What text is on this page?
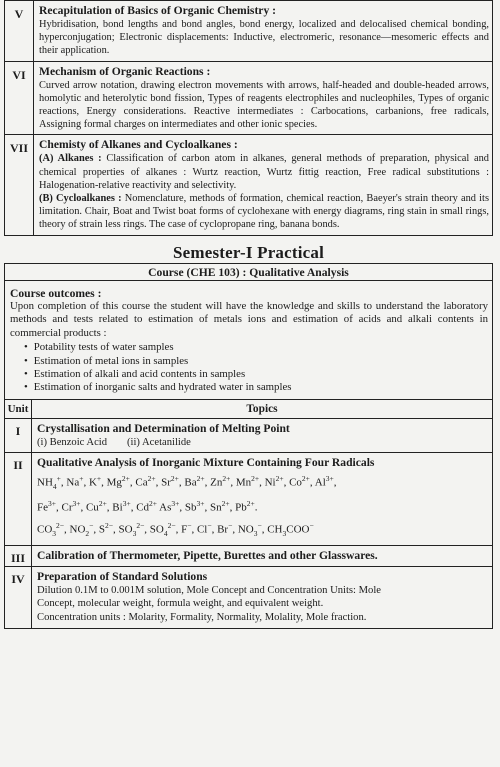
V	Recapitulation of Basics of Organic Chemistry :
Hybridisation, bond lengths and bond angles, bond energy, localized and delocalised chemical bonding, hyperconjugation; Electronic displacements: Inductive, electromeric, resonance—mesomeric effects and their application.

VI	Mechanism of Organic Reactions :
Curved arrow notation, drawing electron movements with arrows, half-headed and double-headed arrows, homolytic and heterolytic bond fission, Types of reagents electrophiles and nucleophiles, Types of organic reactions, Energy considerations. Reactive intermediates : Carbocations, carbanions, free radicals, Assigning formal charges on intermediates and other ionic species.

VII	Chemisty of Alkanes and Cycloalkanes :
(A) Alkanes : Classification of carbon atom in alkanes, general methods of preparation, physical and chemical properties of alkanes : Wurtz reaction, Wurtz fittig reaction, Free radical substitutions : Halogenation-relative reactivity and selectivity.
(B) Cycloalkanes : Nomenclature, methods of formation, chemical reaction, Baeyer's strain theory and its limitation. Chair, Boat and Twist boat forms of cyclohexane with energy diagrams, ring stain in small rings, theory of strain less rings. The case of cyclopropane ring, banana bonds.
Semester-I Practical
Course (CHE 103) : Qualitative Analysis
Course outcomes :
Upon completion of this course the student will have the knowledge and skills to understand the laboratory methods and tests related to estimation of metals ions and estimation of acids and alkali contents in commercial products :
• Potability tests of water samples
• Estimation of metal ions in samples
• Estimation of alkali and acid contents in samples
• Estimation of inorganic salts and hydrated water in samples
Unit	Topics
I	Crystallisation and Determination of Melting Point
(i) Benzoic Acid (ii) Acetanilide
II	Qualitative Analysis of Inorganic Mixture Containing Four Radicals
$NH_4^+$, Na+, K+, $Mg^{2+}$, $Ca^{2+}$, $Sr^{2+}$, $Ba^{2+}$, $Zn^{2+}$, $Mn^{2+}$, $Ni^{2+}$, $Co^{2+}$, $Al^{3+}$,
$Fe^{3+}$, $Cr^{3+}$, $Cu^{2+}$, $Bi^{3+}$, $Cd^{2+}$ $As^{3+}$, $Sb^{3+}$, $Sn^{2+}$, $Pb^{2+}$.
$CO_3^{2-}$, $NO_2^-$, $S^{2-}$, $SO_3^{2-}$, $SO_4^{2-}$, F−, Cl−, Br−, $NO_3^-$, $CH_3COO^-$
III	Calibration of Thermometer, Pipette, Burettes and other Glasswares.
IV	Preparation of Standard Solutions
Dilution 0.1M to 0.001M solution, Mole Concept and Concentration Units: Mole
Concept, molecular weight, formula weight, and equivalent weight.
Concentration units : Molarity, Formality, Normality, Molality, Mole fraction.
